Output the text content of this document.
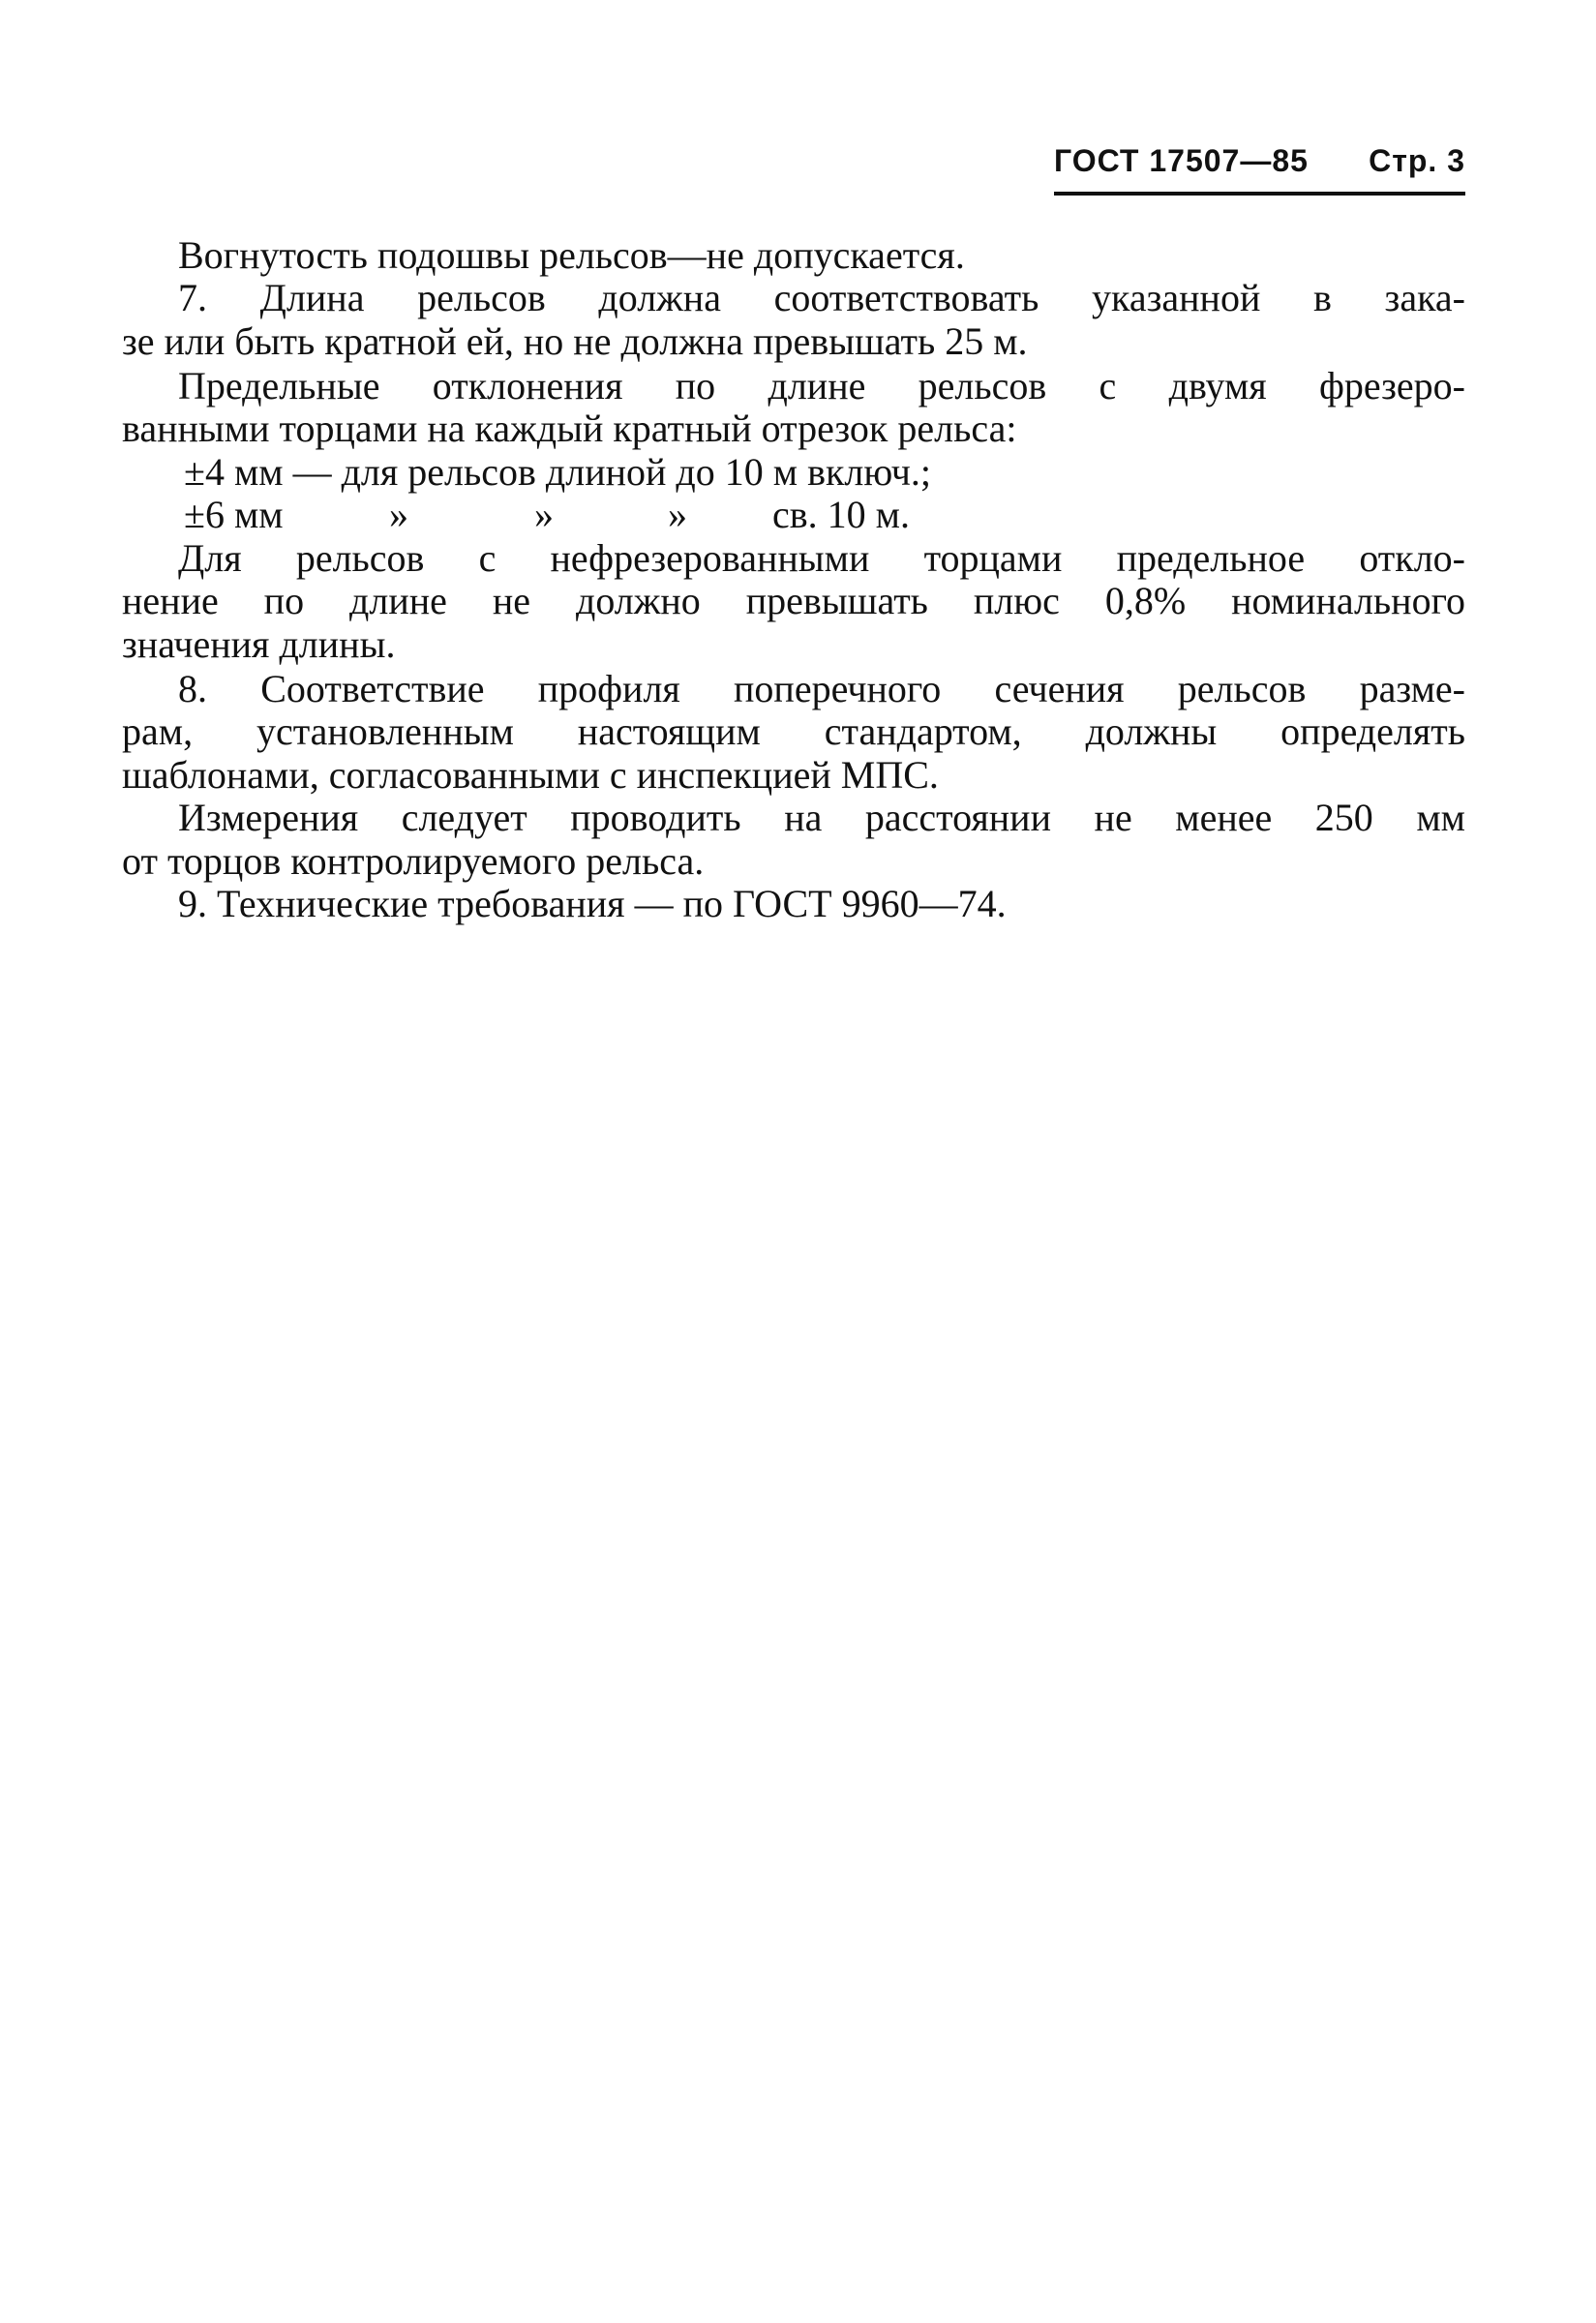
ГОСТ 17507—85 Стр. 3
Вогнутость подошвы рельсов—не допускается.
7. Длина рельсов должна соответствовать указанной в зака-
зе или быть кратной ей, но не должна превышать 25 м.
Предельные отклонения по длине рельсов с двумя фрезеро-
ванными торцами на каждый кратный отрезок рельса:
±4 мм — для рельсов длиной до 10 м включ.;
±6 мм	»	»	» св. 10 м.
Для рельсов с нефрезерованными торцами предельное откло-
нение по длине не должно превышать плюс 0,8% номинального
значения длины.
8. Соответствие профиля поперечного сечения рельсов разме-
рам, установленным настоящим стандартом, должны определять
шаблонами, согласованными с инспекцией МПС.
Измерения следует проводить на расстоянии не менее 250 мм
от торцов контролируемого рельса.
9. Технические требования — по ГОСТ 9960—74.
